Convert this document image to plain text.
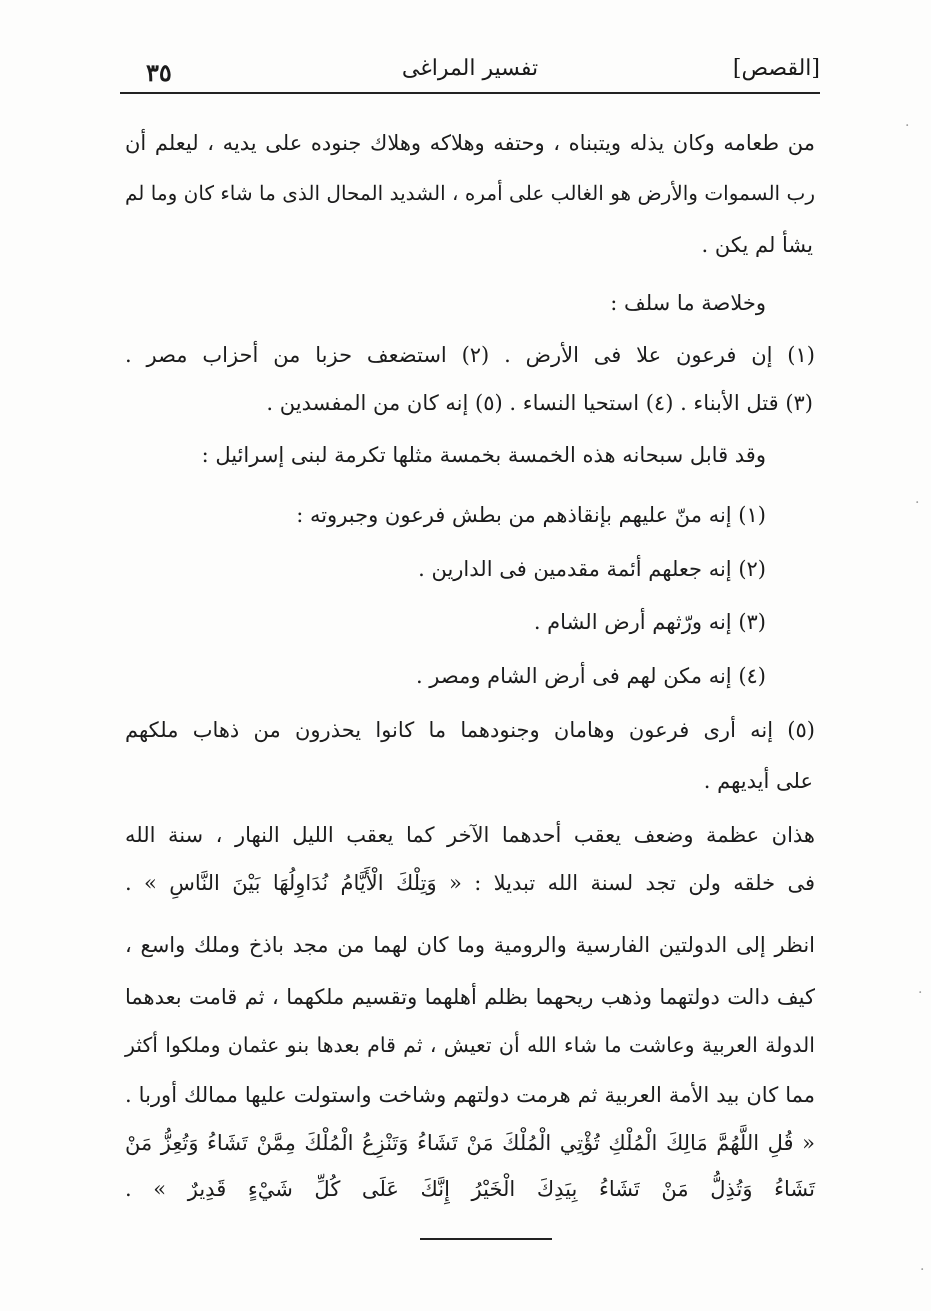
٣٥	تفسير المراغى	[القصص]
من طعامه وكان يذله ويتبناه ، وحتفه وهلاكه وهلاك جنوده على يديه ، ليعلم أن
رب السموات والأرض هو الغالب على أمره ، الشديد المحال الذى ما شاء كان وما لم
يشأ لم يكن .
وخلاصة ما سلف :
(١) إن فرعون علا فى الأرض . (٢) استضعف حزبا من أحزاب مصر .
(٣) قتل الأبناء . (٤) استحيا النساء . (٥) إنه كان من المفسدين .
وقد قابل سبحانه هذه الخمسة بخمسة مثلها تكرمة لبنى إسرائيل :
(١) إنه منّ عليهم بإنقاذهم من بطش فرعون وجبروته :
(٢) إنه جعلهم أئمة مقدمين فى الدارين .
(٣) إنه ورّثهم أرض الشام .
(٤) إنه مكن لهم فى أرض الشام ومصر .
(٥) إنه أرى فرعون وهامان وجنودهما ما كانوا يحذرون من ذهاب ملكهم
على أيديهم .
هذان عظمة وضعف يعقب أحدهما الآخر كما يعقب الليل النهار ، سنة الله
فى خلقه ولن تجد لسنة الله تبديلا : « وَتِلْكَ الْأَيَّامُ نُدَاوِلُهَا بَيْنَ النَّاسِ » .
انظر إلى الدولتين الفارسية والرومية وما كان لهما من مجد باذخ وملك واسع ،
كيف دالت دولتهما وذهب ريحهما بظلم أهلهما وتقسيم ملكهما ، ثم قامت بعدهما
الدولة العربية وعاشت ما شاء الله أن تعيش ، ثم قام بعدها بنو عثمان وملكوا أكثر
مما كان بيد الأمة العربية ثم هرمت دولتهم وشاخت واستولت عليها ممالك أوربا .
« قُلِ اللَّهُمَّ مَالِكَ الْمُلْكِ تُؤْتِي الْمُلْكَ مَنْ تَشَاءُ وَتَنْزِعُ الْمُلْكَ مِمَّنْ تَشَاءُ وَتُعِزُّ مَنْ
تَشَاءُ وَتُذِلُّ مَنْ تَشَاءُ بِيَدِكَ الْخَيْرُ إِنَّكَ عَلَى كُلِّ شَيْءٍ قَدِيرٌ » .
·
·
·
·
